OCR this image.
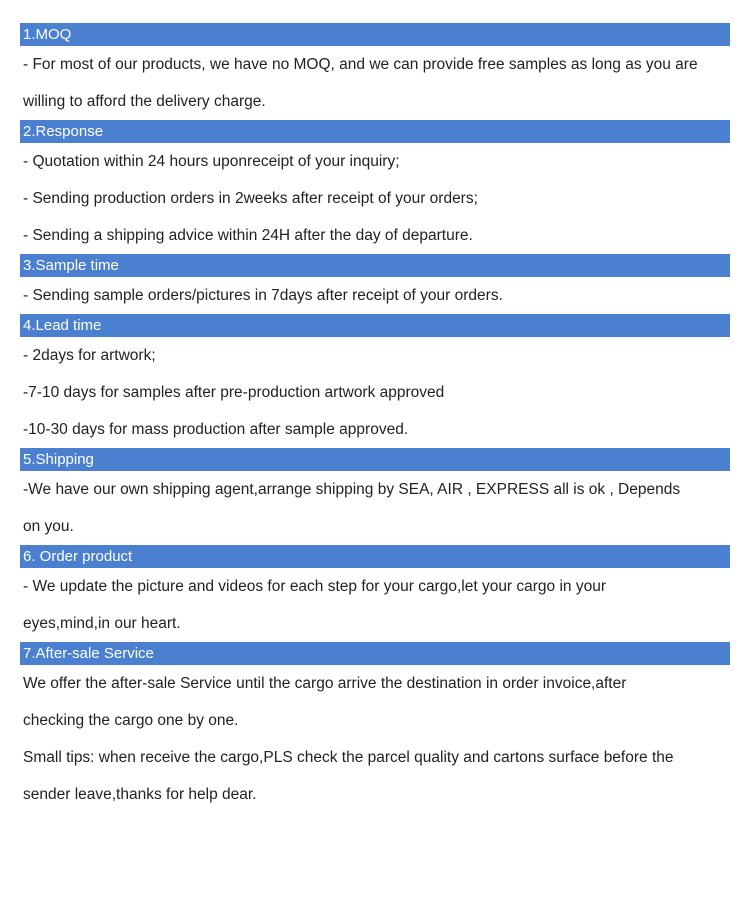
1.MOQ
- For most of our products, we have no MOQ, and we can provide free samples as long as you are
willing to afford the delivery charge.
2.Response
- Quotation within 24 hours uponreceipt of your inquiry;
- Sending production orders in 2weeks after receipt of your orders;
- Sending a shipping advice within 24H after the day of departure.
3.Sample time
- Sending sample orders/pictures in 7days after receipt of your orders.
4.Lead time
- 2days for artwork;
-7-10 days for samples after pre-production artwork approved
-10-30 days for mass production after sample approved.
5.Shipping
-We have our own shipping agent,arrange shipping by SEA, AIR , EXPRESS all is ok , Depends
on you.
6. Order product
- We update the picture and videos for each step for your cargo,let your cargo in your
eyes,mind,in our heart.
7.After-sale Service
We offer the after-sale Service until the cargo arrive the destination in order invoice,after
checking the cargo one by one.
Small tips: when receive the cargo,PLS check the parcel quality and cartons surface before the
sender leave,thanks for help dear.
